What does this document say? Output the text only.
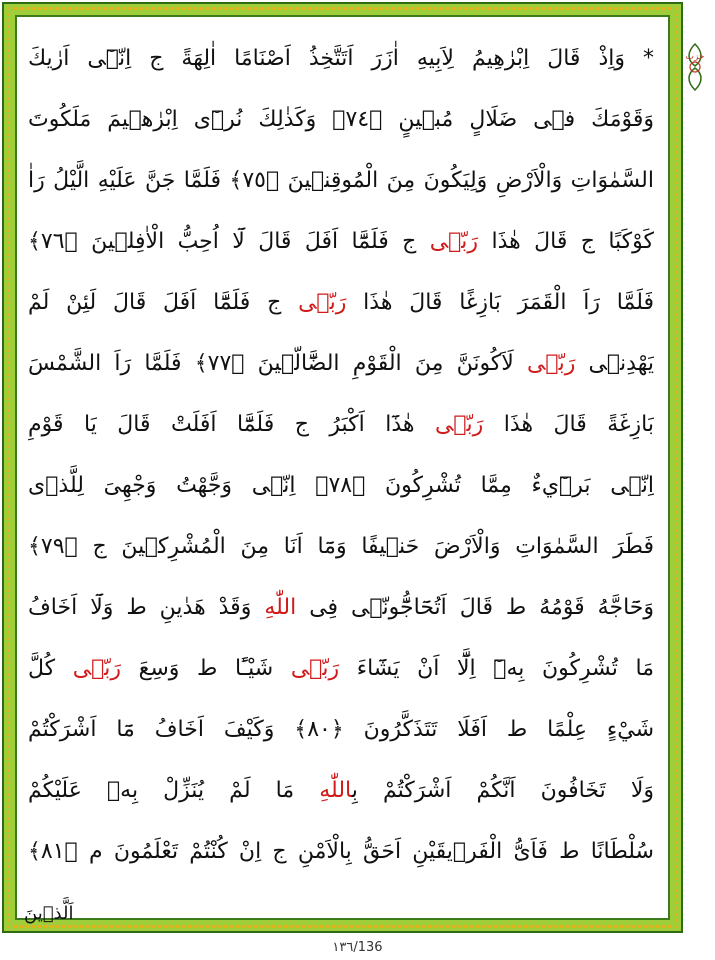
حزب
* وَاِذْ قَالَ اِبْرٰهِيمُ لِاَبِيهِ اٰزَرَ اَتَتَّخِذُ اَصْنَامًا اٰلِهَةً ج اِنّ۪ٓى اَرٰيكَ
وَقَوْمَكَ ف۪ى ضَلَالٍ مُب۪ينٍ ﴿٧٤﴾ وَكَذٰلِكَ نُر۪ٓى اِبْرٰه۪يمَ مَلَكُوتَ
السَّمٰوَاتِ وَالْاَرْضِ وَلِيَكُونَ مِنَ الْمُوقِن۪ينَ ﴿٧٥﴾ فَلَمَّا جَنَّ عَلَيْهِ الَّيْلُ رَاٰ
كَوْكَبًا ج قَالَ هٰذَا رَبّ۪ى ج فَلَمَّٓا اَفَلَ قَالَ لَٓا اُحِبُّ الْاٰفِل۪ينَ ﴿٧٦﴾
فَلَمَّا رَاَ الْقَمَرَ بَازِغًا قَالَ هٰذَا رَبّ۪ى ج فَلَمَّٓا اَفَلَ قَالَ لَئِنْ لَمْ
يَهْدِن۪ى رَبّ۪ى لَاَكُونَنَّ مِنَ الْقَوْمِ الضَّٓالّ۪ينَ ﴿٧٧﴾ فَلَمَّا رَاَ الشَّمْسَ
بَازِغَةً قَالَ هٰذَا رَبّ۪ى هٰذَٓا اَكْبَرُ ج فَلَمَّٓا اَفَلَتْ قَالَ يَا قَوْمِ
اِنّ۪ى بَر۪ٓيءٌ مِمَّا تُشْرِكُونَ ﴿٧٨﴾ اِنّ۪ى وَجَّهْتُ وَجْهِىَ لِلَّذ۪ى
فَطَرَ السَّمٰوَاتِ وَالْاَرْضَ حَن۪يفًا وَمَٓا اَنَا مِنَ الْمُشْرِك۪ينَ ج ﴿٧٩﴾
وَحَٓاجَّهُ قَوْمُهُ ط قَالَ اَتُحَٓاجُّٓونّ۪ى فِى اللّٰهِ وَقَدْ هَدٰينِ ط وَلَٓا اَخَافُ
مَا تُشْرِكُونَ بِه۪ٓ اِلَّٓا اَنْ يَشَٓاءَ رَبّ۪ى شَيْـًٔا ط وَسِعَ رَبّ۪ى كُلَّ
شَيْءٍ عِلْمًا ط اَفَلَا تَتَذَكَّرُونَ ﴿٨٠﴾ وَكَيْفَ اَخَافُ مَٓا اَشْرَكْتُمْ
وَلَا تَخَافُونَ اَنَّكُمْ اَشْرَكْتُمْ بِاللّٰهِ مَا لَمْ يُنَزِّلْ بِه۪ عَلَيْكُمْ
سُلْطَانًا ط فَاَىُّ الْفَر۪يقَيْنِ اَحَقُّ بِالْاَمْنِ ج اِنْ كُنْتُمْ تَعْلَمُونَ م ﴿٨١﴾
اَلَّذ۪ينَ
١٣٦/136
